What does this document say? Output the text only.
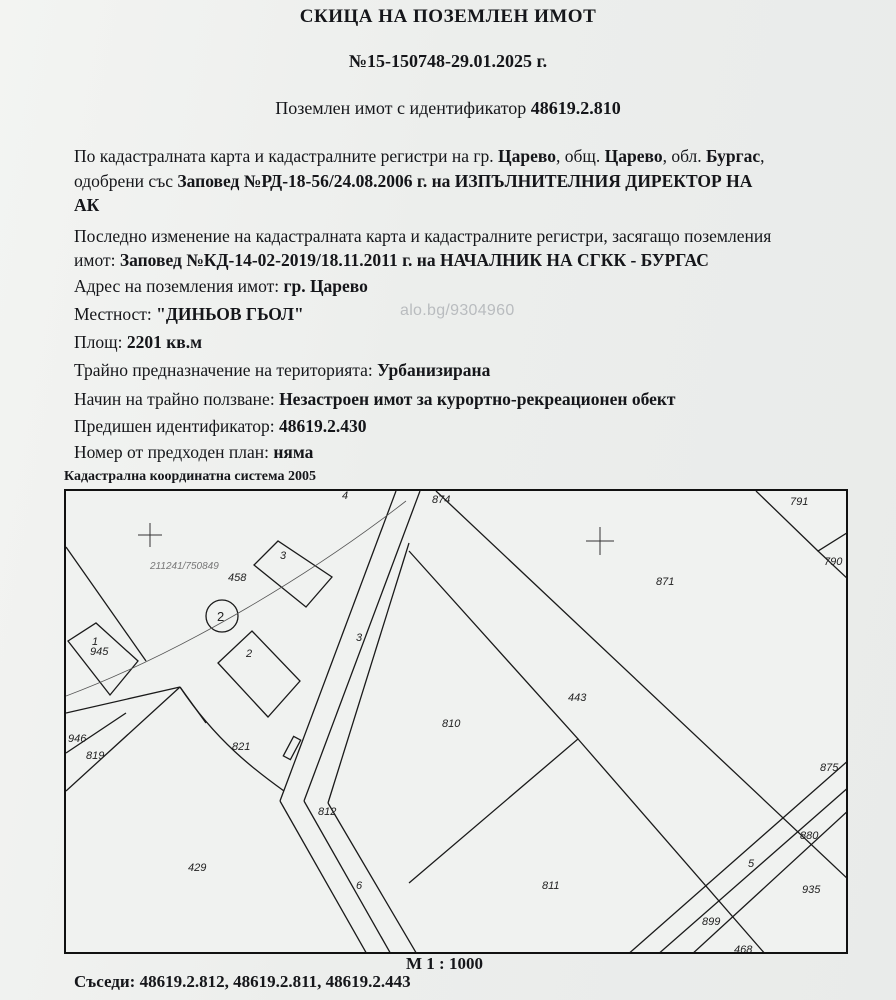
СКИЦА НА ПОЗЕМЛЕН ИМОТ
№15-150748-29.01.2025 г.
Поземлен имот с идентификатор 48619.2.810
По кадастралната карта и кадастралните регистри на гр. Царево, общ. Царево, обл. Бургас,
одобрени със Заповед №РД-18-56/24.08.2006 г. на ИЗПЪЛНИТЕЛНИЯ ДИРЕКТОР НА
АК
Последно изменение на кадастралната карта и кадастралните регистри, засягащо поземления
имот: Заповед №КД-14-02-2019/18.11.2011 г. на НАЧАЛНИК НА СГКК - БУРГАС
Адрес на поземления имот: гр. Царево
Местност: "ДИНЬОВ ГЬОЛ"
Площ: 2201 кв.м
Трайно предназначение на територията: Урбанизирана
Начин на трайно ползване: Незастроен имот за курортно-рекреационен обект
Предишен идентификатор: 48619.2.430
Номер от предходен план: няма
alo.bg/9304960
Кадастрална координатна система 2005
874
4	791
790
871
211241/750849
458
3
2
945
1
2
3
443
810
946
819
821
875
812
880
5
429
811
6	935
899
468
М 1 : 1000
Съседи: 48619.2.812, 48619.2.811, 48619.2.443
